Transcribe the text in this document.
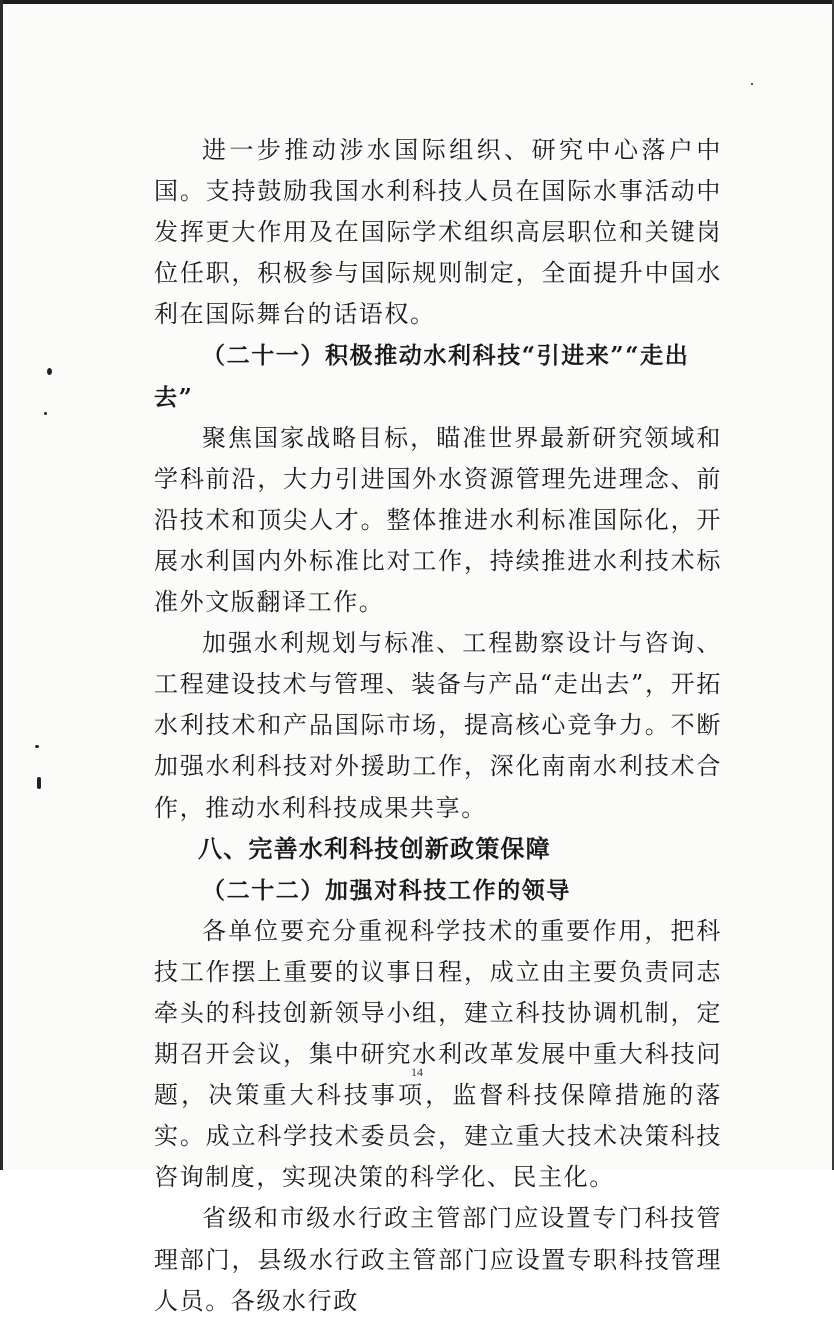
进一步推动涉水国际组织、研究中心落户中国。支持鼓励我国水利科技人员在国际水事活动中发挥更大作用及在国际学术组织高层职位和关键岗位任职，积极参与国际规则制定，全面提升中国水利在国际舞台的话语权。

（二十一）积极推动水利科技“引进来”“走出去”

聚焦国家战略目标，瞄准世界最新研究领域和学科前沿，大力引进国外水资源管理先进理念、前沿技术和顶尖人才。整体推进水利标准国际化，开展水利国内外标准比对工作，持续推进水利技术标准外文版翻译工作。

加强水利规划与标准、工程勘察设计与咨询、工程建设技术与管理、装备与产品“走出去”，开拓水利技术和产品国际市场，提高核心竞争力。不断加强水利科技对外援助工作，深化南南水利技术合作，推动水利科技成果共享。

八、完善水利科技创新政策保障

（二十二）加强对科技工作的领导

各单位要充分重视科学技术的重要作用，把科技工作摆上重要的议事日程，成立由主要负责同志牵头的科技创新领导小组，建立科技协调机制，定期召开会议，集中研究水利改革发展中重大科技问题，决策重大科技事项，监督科技保障措施的落实。成立科学技术委员会，建立重大技术决策科技咨询制度，实现决策的科学化、民主化。

省级和市级水行政主管部门应设置专门科技管理部门，县级水行政主管部门应设置专职科技管理人员。各级水行政

14
